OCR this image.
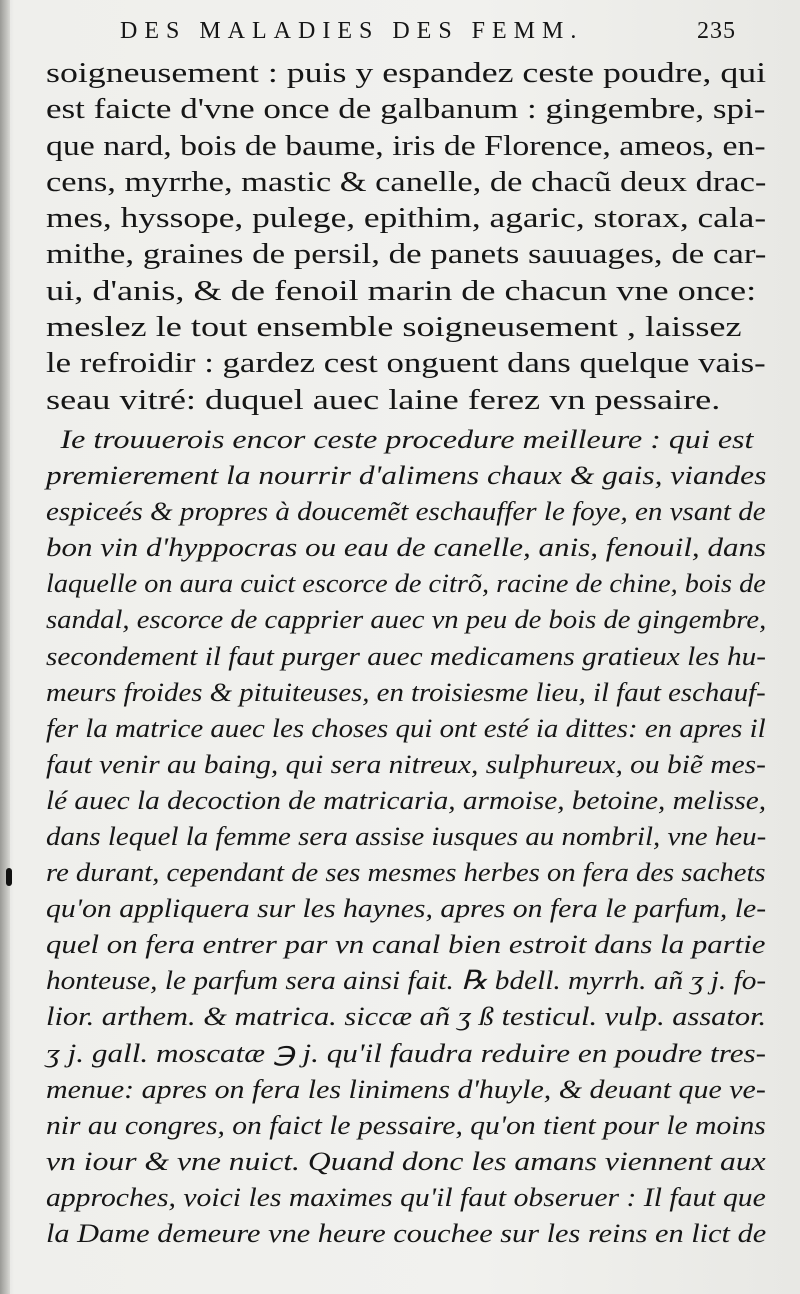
DES MALADIES DES FEMM.	235
soigneusement : puis y espandez ceste poudre, qui
est faicte d'vne once de galbanum : gingembre, spi-
que nard, bois de baume, iris de Florence, ameos, en-
cens, myrrhe, mastic & canelle, de chacũ deux drac-
mes, hyssope, pulege, epithim, agaric, storax, cala-
mithe, graines de persil, de panets sauuages, de car-
ui, d'anis, & de fenoil marin de chacun vne once:
meslez le tout ensemble soigneusement , laissez
le refroidir : gardez cest onguent dans quelque vais-
seau vitré: duquel auec laine ferez vn pessaire.
Ie trouuerois encor ceste procedure meilleure : qui est
premierement la nourrir d'alimens chaux & gais, viandes
espiceés & propres à doucemẽt eschauffer le foye, en vsant de
bon vin d'hyppocras ou eau de canelle, anis, fenouil, dans
laquelle on aura cuict escorce de citrõ, racine de chine, bois de
sandal, escorce de capprier auec vn peu de bois de gingembre,
secondement il faut purger auec medicamens gratieux les hu-
meurs froides & pituiteuses, en troisiesme lieu, il faut eschauf-
fer la matrice auec les choses qui ont esté ia dittes: en apres il
faut venir au baing, qui sera nitreux, sulphureux, ou biẽ mes-
lé auec la decoction de matricaria, armoise, betoine, melisse,
dans lequel la femme sera assise iusques au nombril, vne heu-
re durant, cependant de ses mesmes herbes on fera des sachets
qu'on appliquera sur les haynes, apres on fera le parfum, le-
quel on fera entrer par vn canal bien estroit dans la partie
honteuse, le parfum sera ainsi fait. ℞ bdell. myrrh. añ ʒ j. fo-
lior. arthem. & matrica. siccæ añ ʒ ß testicul. vulp. assator.
ʒ j. gall. moscatæ ℈ j. qu'il faudra reduire en poudre tres-
menue: apres on fera les linimens d'huyle, & deuant que ve-
nir au congres, on faict le pessaire, qu'on tient pour le moins
vn iour & vne nuict. Quand donc les amans viennent aux
approches, voici les maximes qu'il faut obseruer : Il faut que
la Dame demeure vne heure couchee sur les reins en lict de
